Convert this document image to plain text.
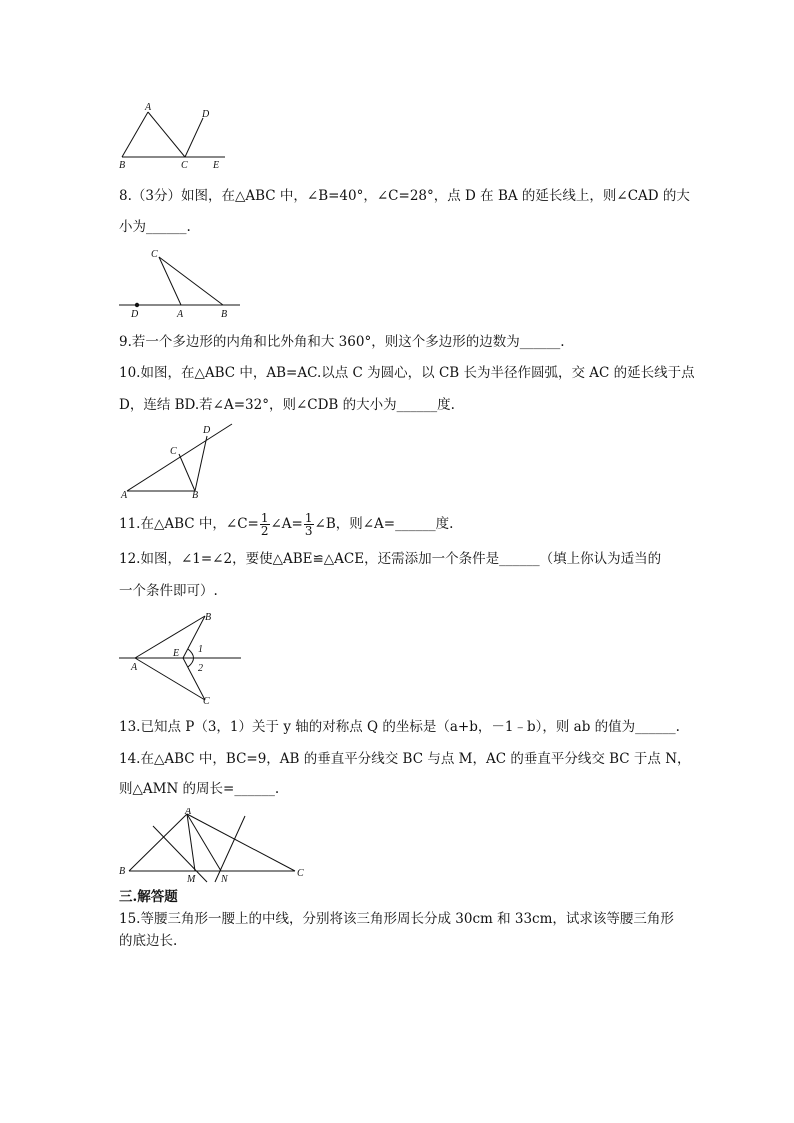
A
D
B	C	E
8.（3分）如图，在△ABC 中，∠B=40°，∠C=28°，点 D 在 BA 的延长线上，则∠CAD 的大
小为______.
C
D	A	B
9.若一个多边形的内角和比外角和大 360°，则这个多边形的边数为______.
10.如图，在△ABC 中，AB=AC.以点 C 为圆心，以 CB 长为半径作圆弧，交 AC 的延长线于点
D，连结 BD.若∠A=32°，则∠CDB 的大小为______度.
A	B
C
D
11.在△ABC 中，∠C= $\frac{1}{2}$ ∠A= $\frac{1}{3}$ ∠B，则∠A=______度.
12.如图，∠1=∠2，要使△ABE≌△ACE，还需添加一个条件是______（填上你认为适当的
一个条件即可）.
B
A
E 1
2
C
13.已知点 P（3，1）关于 y 轴的对称点 Q 的坐标是（a+b，－1﹣b），则 ab 的值为______.
14.在△ABC 中，BC=9，AB 的垂直平分线交 BC 与点 M，AC 的垂直平分线交 BC 于点 N，
则△AMN 的周长=______.
A
B
M	N
C
三.解答题
15.等腰三角形一腰上的中线，分别将该三角形周长分成 30cm 和 33cm，试求该等腰三角形
的底边长.
